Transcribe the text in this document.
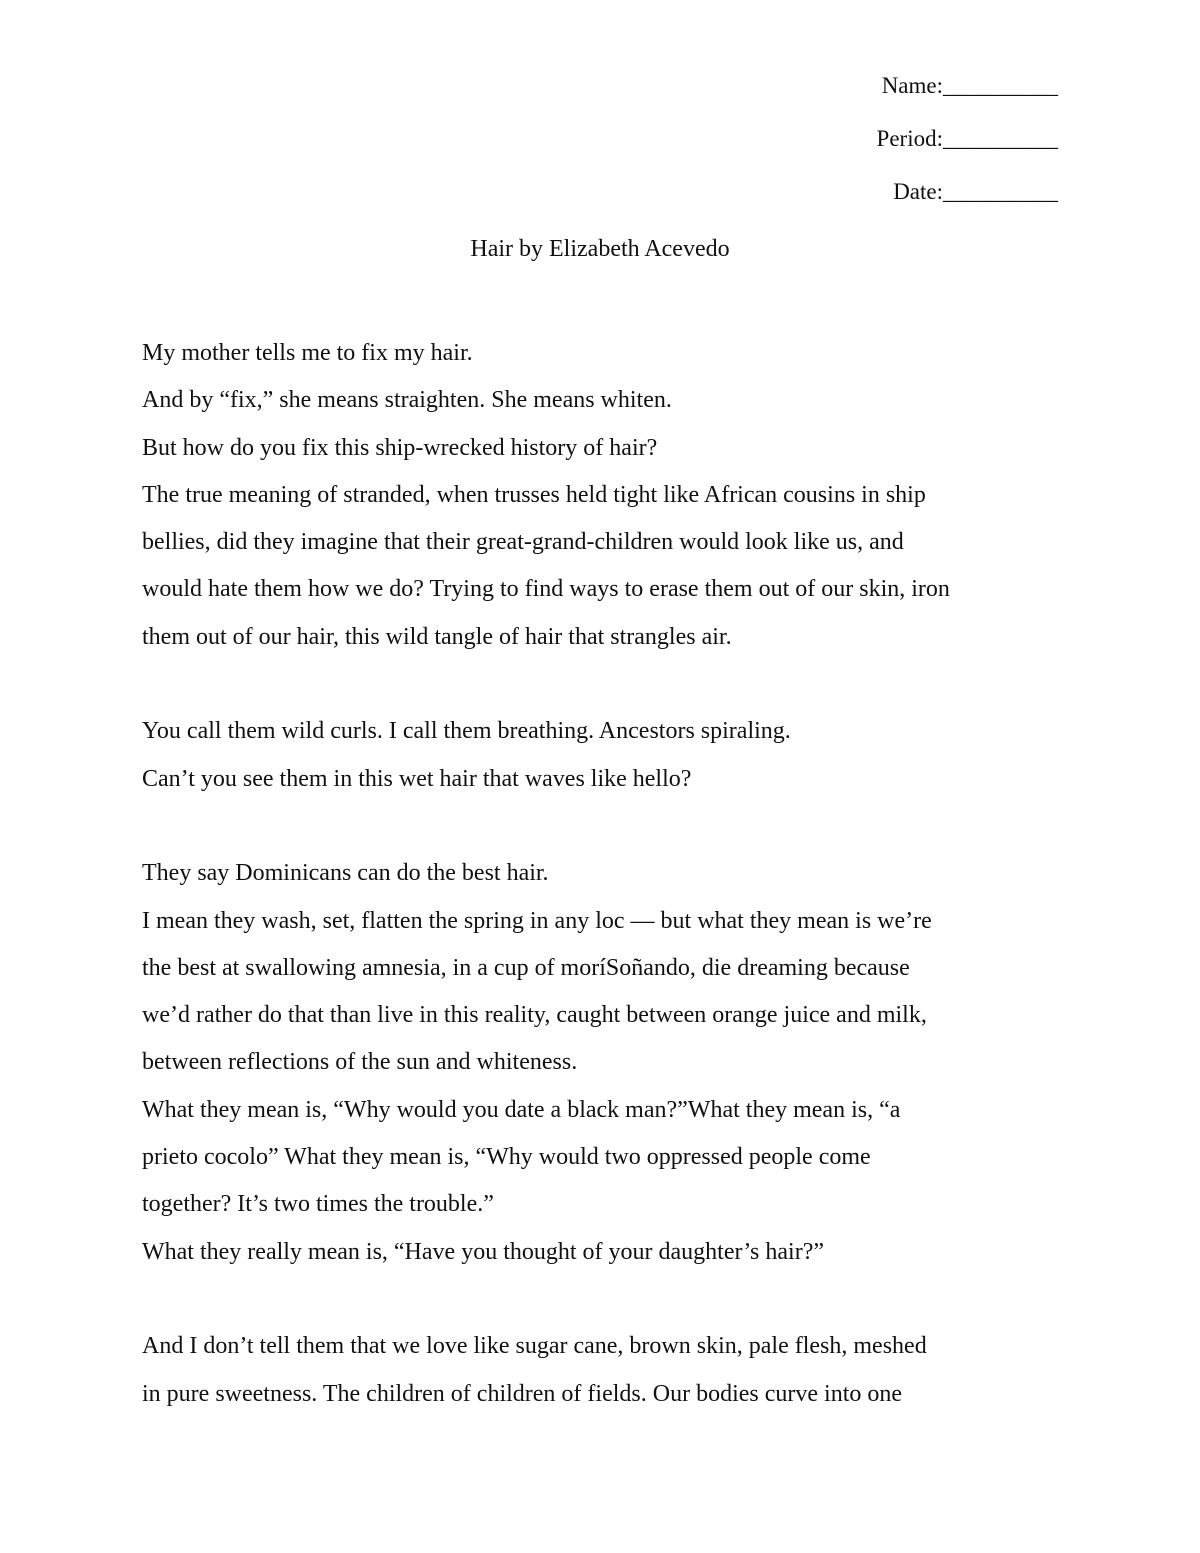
Name:__________
Period:__________
Date:__________
Hair by Elizabeth Acevedo
My mother tells me to fix my hair.
And by “fix,” she means straighten. She means whiten.
But how do you fix this ship-wrecked history of hair?
The true meaning of stranded, when trusses held tight like African cousins in ship
bellies, did they imagine that their great-grand-children would look like us, and
would hate them how we do? Trying to find ways to erase them out of our skin, iron
them out of our hair, this wild tangle of hair that strangles air.
You call them wild curls. I call them breathing. Ancestors spiraling.
Can’t you see them in this wet hair that waves like hello?
They say Dominicans can do the best hair.
I mean they wash, set, flatten the spring in any loc — but what they mean is we’re
the best at swallowing amnesia, in a cup of moríSoñando, die dreaming because
we’d rather do that than live in this reality, caught between orange juice and milk,
between reflections of the sun and whiteness.
What they mean is, “Why would you date a black man?”What they mean is, “a
prieto cocolo” What they mean is, “Why would two oppressed people come
together? It’s two times the trouble.”
What they really mean is, “Have you thought of your daughter’s hair?”
And I don’t tell them that we love like sugar cane, brown skin, pale flesh, meshed
in pure sweetness. The children of children of fields. Our bodies curve into one
